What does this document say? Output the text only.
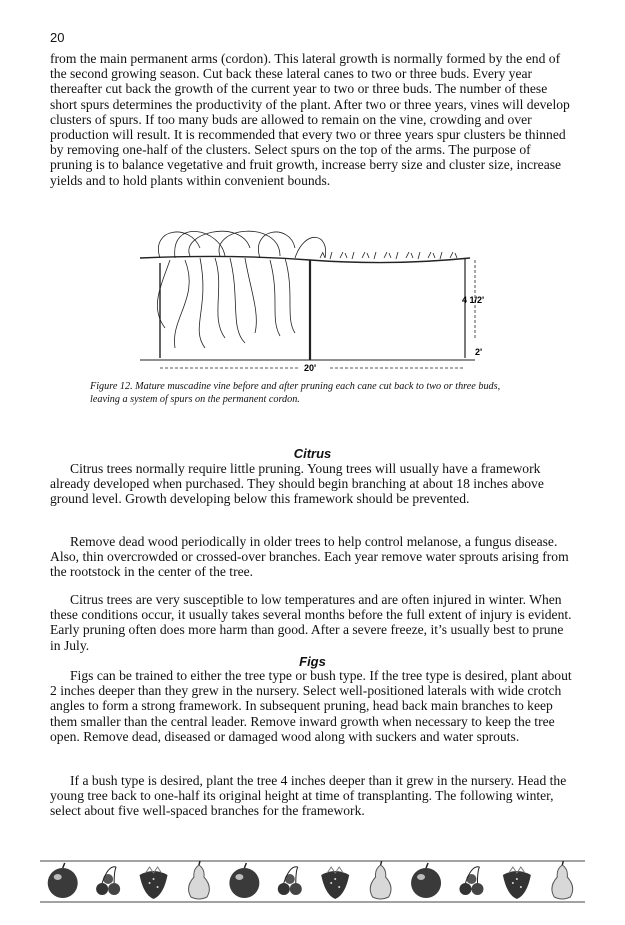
20

from the main permanent arms (cordon). This lateral growth is normally formed by the end of the second growing season. Cut back these lateral canes to two or three buds. Every year thereafter cut back the growth of the current year to two or three buds. The number of these short spurs determines the productivity of the plant. After two or three years, vines will develop clusters of spurs. If too many buds are allowed to remain on the vine, crowding and over production will result. It is recommended that every two or three years spur clusters be thinned by removing one-half of the clusters. Select spurs on the top of the arms. The purpose of pruning is to balance vegetative and fruit growth, increase berry size and cluster size, increase yields and to hold plants within convenient bounds.

4 1/2'
20'
2'

Figure 12. Mature muscadine vine before and after pruning each cane cut back to two or three buds, leaving a system of spurs on the permanent cordon.

Citrus

Citrus trees normally require little pruning. Young trees will usually have a framework already developed when purchased. They should begin branching at about 18 inches above ground level. Growth developing below this framework should be prevented.

Remove dead wood periodically in older trees to help control melanose, a fungus disease. Also, thin overcrowded or crossed-over branches. Each year remove water sprouts arising from the rootstock in the center of the tree.

Citrus trees are very susceptible to low temperatures and are often injured in winter. When these conditions occur, it usually takes several months before the full extent of injury is evident. Early pruning often does more harm than good. After a severe freeze, it’s usually best to prune in July.

Figs

Figs can be trained to either the tree type or bush type. If the tree type is desired, plant about 2 inches deeper than they grew in the nursery. Select well-positioned laterals with wide crotch angles to form a strong framework. In subsequent pruning, head back main branches to keep them smaller than the central leader. Remove inward growth when necessary to keep the tree open. Remove dead, diseased or damaged wood along with suckers and water sprouts.

If a bush type is desired, plant the tree 4 inches deeper than it grew in the nursery. Head the young tree back to one-half its original height at time of transplanting. The following winter, select about five well-spaced branches for the framework.
